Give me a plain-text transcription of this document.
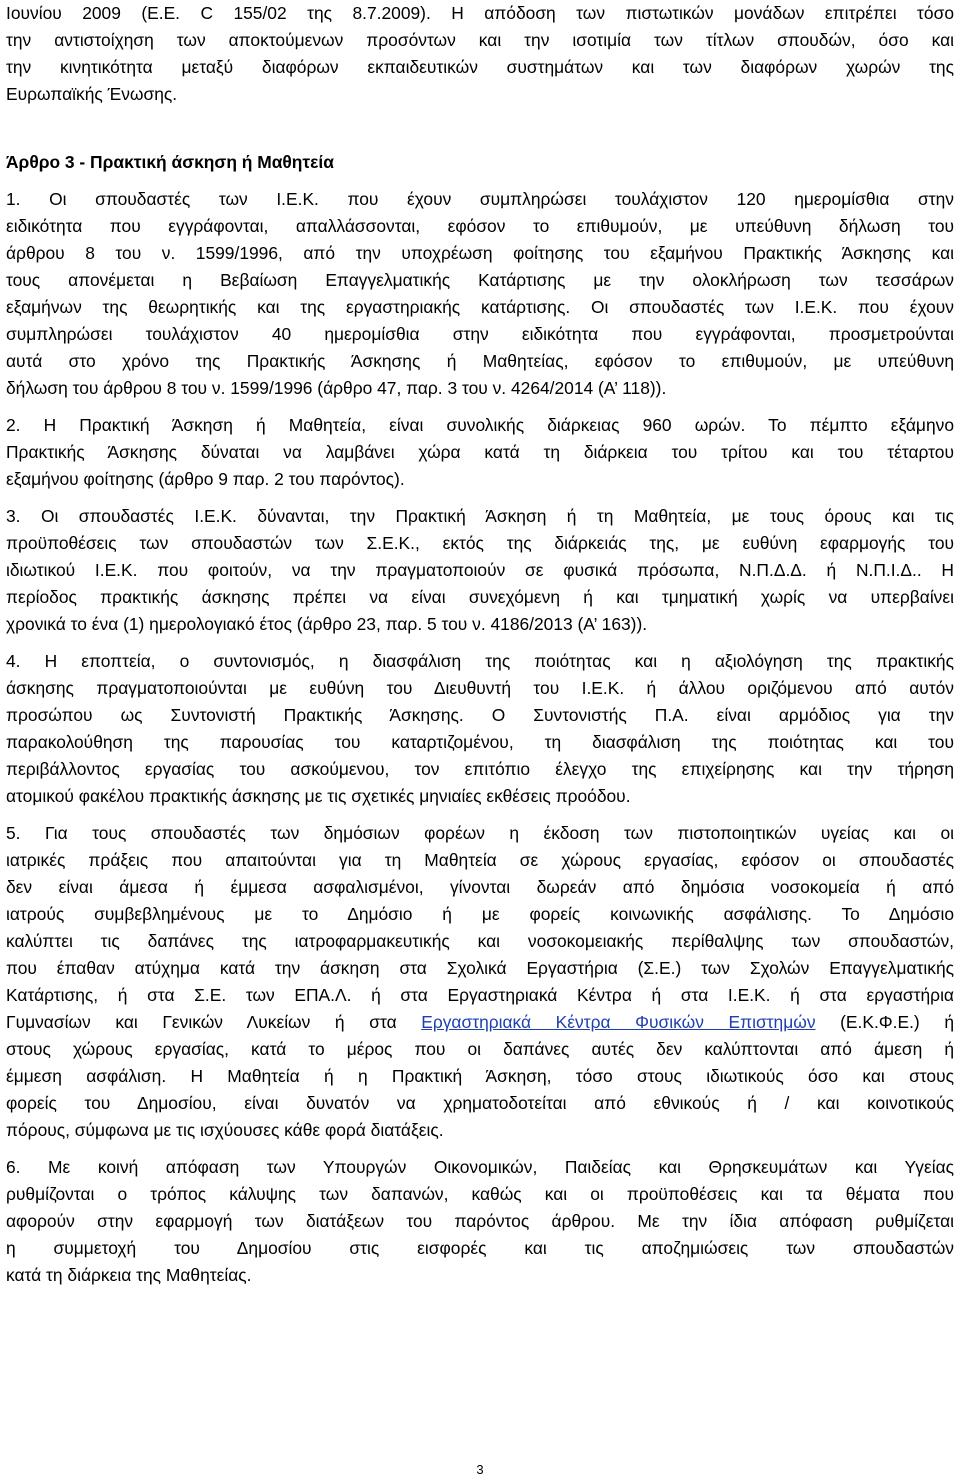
Ιουνίου 2009 (Ε.Ε. C 155/02 της 8.7.2009). Η απόδοση των πιστωτικών μονάδων επιτρέπει τόσο
την αντιστοίχηση των αποκτούμενων προσόντων και την ισοτιμία των τίτλων σπουδών, όσο και
την κινητικότητα μεταξύ διαφόρων εκπαιδευτικών συστημάτων και των διαφόρων χωρών της
Ευρωπαϊκής Ένωσης.
Άρθρο 3 - Πρακτική άσκηση ή Μαθητεία
1. Οι σπουδαστές των Ι.Ε.Κ. που έχουν συμπληρώσει τουλάχιστον 120 ημερομίσθια στην
ειδικότητα που εγγράφονται, απαλλάσσονται, εφόσον το επιθυμούν, με υπεύθυνη δήλωση του
άρθρου 8 του ν. 1599/1996, από την υποχρέωση φοίτησης του εξαμήνου Πρακτικής Άσκησης και
τους απονέμεται η Βεβαίωση Επαγγελματικής Κατάρτισης με την ολοκλήρωση των τεσσάρων
εξαμήνων της θεωρητικής και της εργαστηριακής κατάρτισης. Οι σπουδαστές των Ι.Ε.Κ. που έχουν
συμπληρώσει τουλάχιστον 40 ημερομίσθια στην ειδικότητα που εγγράφονται, προσμετρούνται
αυτά στο χρόνο της Πρακτικής Άσκησης ή Μαθητείας, εφόσον το επιθυμούν, με υπεύθυνη
δήλωση του άρθρου 8 του ν. 1599/1996 (άρθρο 47, παρ. 3 του ν. 4264/2014 (Α’ 118)).
2. Η Πρακτική Άσκηση ή Μαθητεία, είναι συνολικής διάρκειας 960 ωρών. Το πέμπτο εξάμηνο
Πρακτικής Άσκησης δύναται να λαμβάνει χώρα κατά τη διάρκεια του τρίτου και του τέταρτου
εξαμήνου φοίτησης (άρθρο 9 παρ. 2 του παρόντος).
3. Οι σπουδαστές Ι.Ε.Κ. δύνανται, την Πρακτική Άσκηση ή τη Μαθητεία, με τους όρους και τις
προϋποθέσεις των σπουδαστών των Σ.Ε.Κ., εκτός της διάρκειάς της, με ευθύνη εφαρμογής του
ιδιωτικού Ι.Ε.Κ. που φοιτούν, να την πραγματοποιούν σε φυσικά πρόσωπα, Ν.Π.Δ.Δ. ή Ν.Π.Ι.Δ.. Η
περίοδος πρακτικής άσκησης πρέπει να είναι συνεχόμενη ή και τμηματική χωρίς να υπερβαίνει
χρονικά το ένα (1) ημερολογιακό έτος (άρθρο 23, παρ. 5 του ν. 4186/2013 (Α’ 163)).
4. Η εποπτεία, ο συντονισμός, η διασφάλιση της ποιότητας και η αξιολόγηση της πρακτικής
άσκησης πραγματοποιούνται με ευθύνη του Διευθυντή του Ι.Ε.Κ. ή άλλου οριζόμενου από αυτόν
προσώπου ως Συντονιστή Πρακτικής Άσκησης. Ο Συντονιστής Π.Α. είναι αρμόδιος για την
παρακολούθηση της παρουσίας του καταρτιζομένου, τη διασφάλιση της ποιότητας και του
περιβάλλοντος εργασίας του ασκούμενου, τον επιτόπιο έλεγχο της επιχείρησης και την τήρηση
ατομικού φακέλου πρακτικής άσκησης με τις σχετικές μηνιαίες εκθέσεις προόδου.
5. Για τους σπουδαστές των δημόσιων φορέων η έκδοση των πιστοποιητικών υγείας και οι
ιατρικές πράξεις που απαιτούνται για τη Μαθητεία σε χώρους εργασίας, εφόσον οι σπουδαστές
δεν είναι άμεσα ή έμμεσα ασφαλισμένοι, γίνονται δωρεάν από δημόσια νοσοκομεία ή από
ιατρούς συμβεβλημένους με το Δημόσιο ή με φορείς κοινωνικής ασφάλισης. Το Δημόσιο
καλύπτει τις δαπάνες της ιατροφαρμακευτικής και νοσοκομειακής περίθαλψης των σπουδαστών,
που έπαθαν ατύχημα κατά την άσκηση στα Σχολικά Εργαστήρια (Σ.Ε.) των Σχολών Επαγγελματικής
Κατάρτισης, ή στα Σ.Ε. των ΕΠΑ.Λ. ή στα Εργαστηριακά Κέντρα ή στα Ι.Ε.Κ. ή στα εργαστήρια
Γυμνασίων και Γενικών Λυκείων ή στα Εργαστηριακά Κέντρα Φυσικών Επιστημών (Ε.Κ.Φ.Ε.) ή
στους χώρους εργασίας, κατά το μέρος που οι δαπάνες αυτές δεν καλύπτονται από άμεση ή
έμμεση ασφάλιση. Η Μαθητεία ή η Πρακτική Άσκηση, τόσο στους ιδιωτικούς όσο και στους
φορείς του Δημοσίου, είναι δυνατόν να χρηματοδοτείται από εθνικούς ή / και κοινοτικούς
πόρους, σύμφωνα με τις ισχύουσες κάθε φορά διατάξεις.
6. Με κοινή απόφαση των Υπουργών Οικονομικών, Παιδείας και Θρησκευμάτων και Υγείας
ρυθμίζονται ο τρόπος κάλυψης των δαπανών, καθώς και οι προϋποθέσεις και τα θέματα που
αφορούν στην εφαρμογή των διατάξεων του παρόντος άρθρου. Με την ίδια απόφαση ρυθμίζεται
η συμμετοχή του Δημοσίου στις εισφορές και τις αποζημιώσεις των σπουδαστών
κατά τη διάρκεια της Μαθητείας.
3
